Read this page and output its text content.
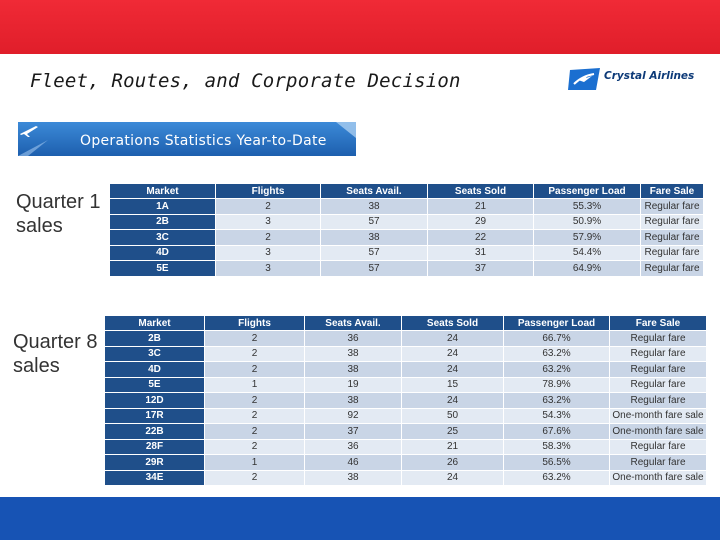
Fleet, Routes, and Corporate Decision	Crystal Airlines
Operations Statistics Year-to-Date
Quarter 1
sales
Market	Flights	Seats Avail.	Seats Sold	Passenger Load	Fare Sale
1A	2	38	21	55.3%	Regular fare
2B	3	57	29	50.9%	Regular fare
3C	2	38	22	57.9%	Regular fare
4D	3	57	31	54.4%	Regular fare
5E	3	57	37	64.9%	Regular fare
Quarter 8
sales
Market	Flights	Seats Avail.	Seats Sold	Passenger Load	Fare Sale
2B	2	36	24	66.7%	Regular fare
3C	2	38	24	63.2%	Regular fare
4D	2	38	24	63.2%	Regular fare
5E	1	19	15	78.9%	Regular fare
12D	2	38	24	63.2%	Regular fare
17R	2	92	50	54.3%	One-month fare sale
22B	2	37	25	67.6%	One-month fare sale
28F	2	36	21	58.3%	Regular fare
29R	1	46	26	56.5%	Regular fare
34E	2	38	24	63.2%	One-month fare sale
